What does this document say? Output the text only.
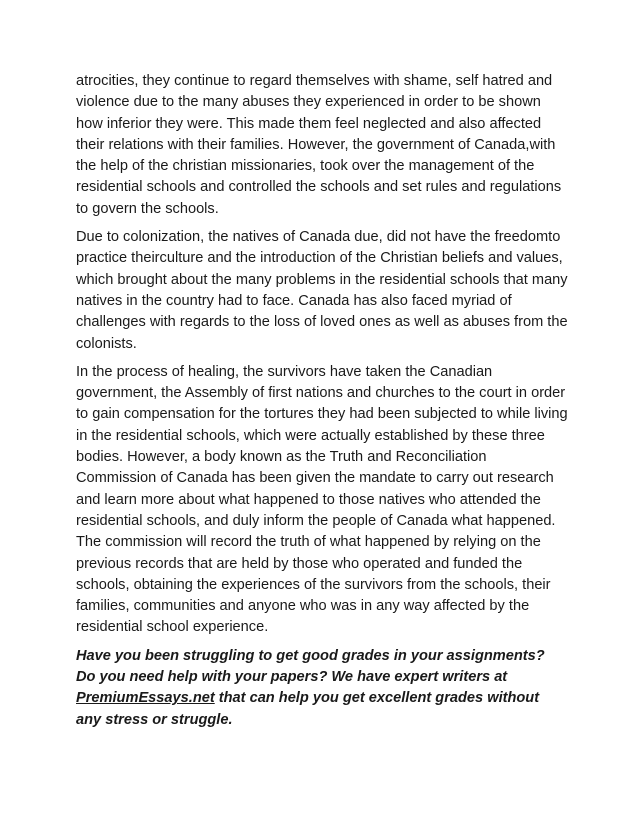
atrocities, they continue to regard themselves with shame, self hatred and violence due to the many abuses they experienced in order to be shown how inferior they were. This made them feel neglected and also affected their relations with their families. However, the government of Canada,with the help of the christian missionaries, took over the management of the residential schools and controlled the schools and set rules and regulations to govern the schools.

Due to colonization, the natives of Canada due, did not have the freedomto practice theirculture and the introduction of the Christian beliefs and values, which brought about the many problems in the residential schools that many natives in the country had to face. Canada has also faced myriad of challenges with regards to the loss of loved ones as well as abuses from the colonists.

In the process of healing, the survivors have taken the Canadian government, the Assembly of first nations and churches to the court in order to gain compensation for the tortures they had been subjected to while living in the residential schools, which were actually established by these three bodies. However, a body known as the Truth and Reconciliation Commission of Canada has been given the mandate to carry out research and learn more about what happened to those natives who attended the residential schools, and duly inform the people of Canada what happened. The commission will record the truth of what happened by relying on the previous records that are held by those who operated and funded the schools, obtaining the experiences of the survivors from the schools, their families, communities and anyone who was in any way affected by the residential school experience.

Have you been struggling to get good grades in your assignments? Do you need help with your papers? We have expert writers at PremiumEssays.net that can help you get excellent grades without any stress or struggle.
